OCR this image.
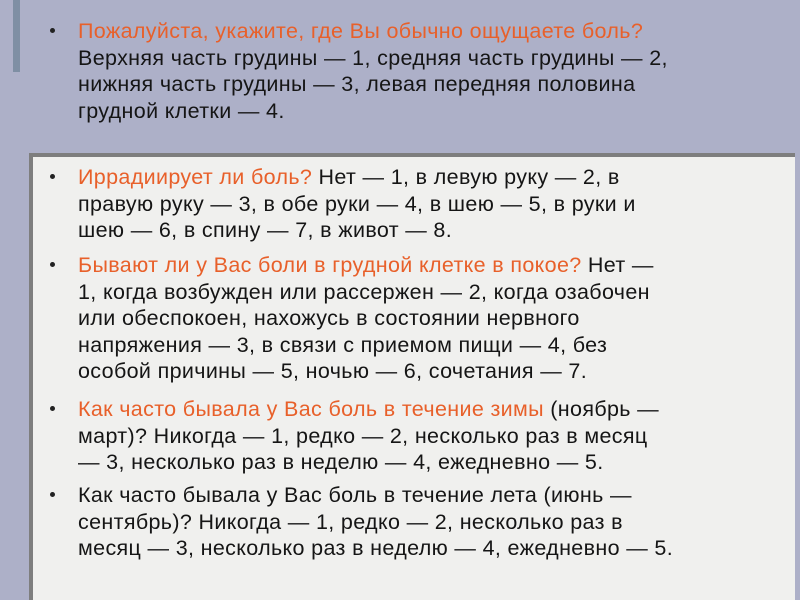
Пожалуйста, укажите, где Вы обычно ощущаете боль?
Верхняя часть грудины — 1, средняя часть грудины — 2,
нижняя часть грудины — 3, левая передняя половина
грудной клетки — 4.
Иррадиирует ли боль? Нет — 1, в левую руку — 2, в
правую руку — 3, в обе руки — 4, в шею — 5, в руки и
шею — 6, в спину — 7, в живот — 8.
Бывают ли у Вас боли в грудной клетке в покое? Нет —
1, когда возбужден или рассержен — 2, когда озабочен
или обеспокоен, нахожусь в состоянии нервного
напряжения — 3, в связи с приемом пищи — 4, без
особой причины — 5, ночью — 6, сочетания — 7.
Как часто бывала у Вас боль в течение зимы (ноябрь —
март)? Никогда — 1, редко — 2, несколько раз в месяц
— 3, несколько раз в неделю — 4, ежедневно — 5.
Как часто бывала у Вас боль в течение лета (июнь —
сентябрь)? Никогда — 1, редко — 2, несколько раз в
месяц — 3, несколько раз в неделю — 4, ежедневно — 5.
